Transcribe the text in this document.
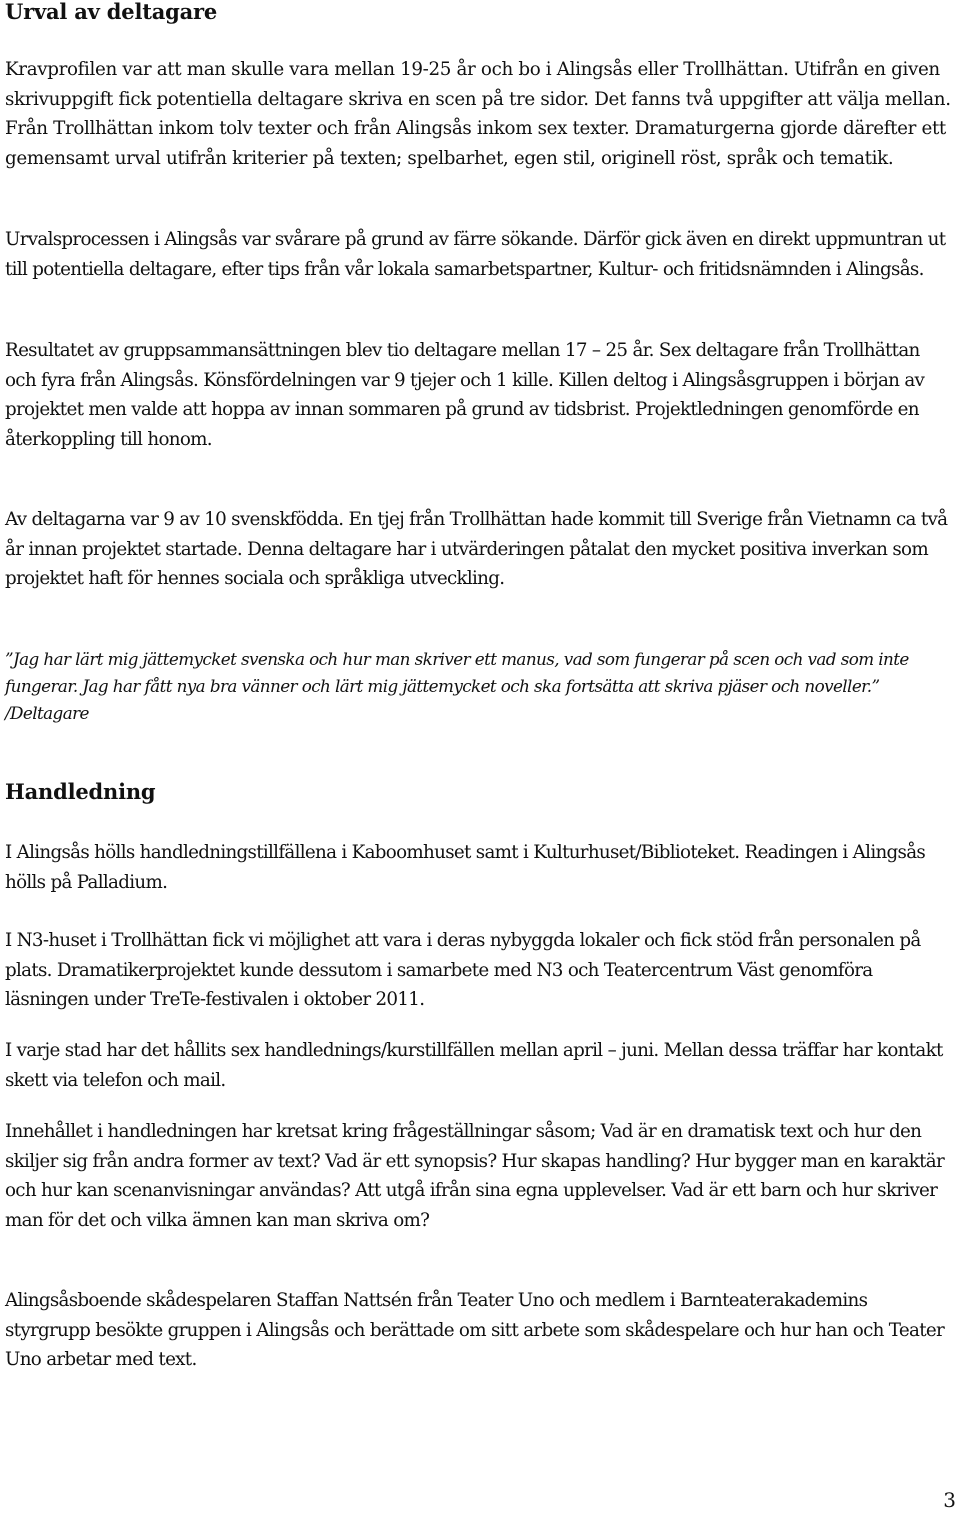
Urval av deltagare

Kravprofilen var att man skulle vara mellan 19-25 år och bo i Alingsås eller Trollhättan. Utifrån en given skrivuppgift fick potentiella deltagare skriva en scen på tre sidor. Det fanns två uppgifter att välja mellan. Från Trollhättan inkom tolv texter och från Alingsås inkom sex texter. Dramaturgerna gjorde därefter ett gemensamt urval utifrån kriterier på texten; spelbarhet, egen stil, originell röst, språk och tematik.

Urvalsprocessen i Alingsås var svårare på grund av färre sökande. Därför gick även en direkt uppmuntran ut till potentiella deltagare, efter tips från vår lokala samarbetspartner, Kultur- och fritidsnämnden i Alingsås.

Resultatet av gruppsammansättningen blev tio deltagare mellan 17 – 25 år. Sex deltagare från Trollhättan och fyra från Alingsås. Könsfördelningen var 9 tjejer och 1 kille. Killen deltog i Alingsåsgruppen i början av projektet men valde att hoppa av innan sommaren på grund av tidsbrist. Projektledningen genomförde en återkoppling till honom.

Av deltagarna var 9 av 10 svenskfödda. En tjej från Trollhättan hade kommit till Sverige från Vietnamn ca två år innan projektet startade. Denna deltagare har i utvärderingen påtalat den mycket positiva inverkan som projektet haft för hennes sociala och språkliga utveckling.

”Jag har lärt mig jättemycket svenska och hur man skriver ett manus, vad som fungerar på scen och vad som inte fungerar. Jag har fått nya bra vänner och lärt mig jättemycket och ska fortsätta att skriva pjäser och noveller.” /Deltagare

Handledning

I Alingsås hölls handledningstillfällena i Kaboomhuset samt i Kulturhuset/Biblioteket. Readingen i Alingsås hölls på Palladium.

I N3-huset i Trollhättan fick vi möjlighet att vara i deras nybyggda lokaler och fick stöd från personalen på plats. Dramatikerprojektet kunde dessutom i samarbete med N3 och Teatercentrum Väst genomföra läsningen under TreTe-festivalen i oktober 2011.

I varje stad har det hållits sex handlednings/kurstillfällen mellan april – juni. Mellan dessa träffar har kontakt skett via telefon och mail.

Innehållet i handledningen har kretsat kring frågeställningar såsom; Vad är en dramatisk text och hur den skiljer sig från andra former av text? Vad är ett synopsis? Hur skapas handling? Hur bygger man en karaktär och hur kan scenanvisningar användas? Att utgå ifrån sina egna upplevelser. Vad är ett barn och hur skriver man för det och vilka ämnen kan man skriva om?

Alingsåsboende skådespelaren Staffan Nattsén från Teater Uno och medlem i Barnteaterakademins styrgrupp besökte gruppen i Alingsås och berättade om sitt arbete som skådespelare och hur han och Teater Uno arbetar med text.

3
